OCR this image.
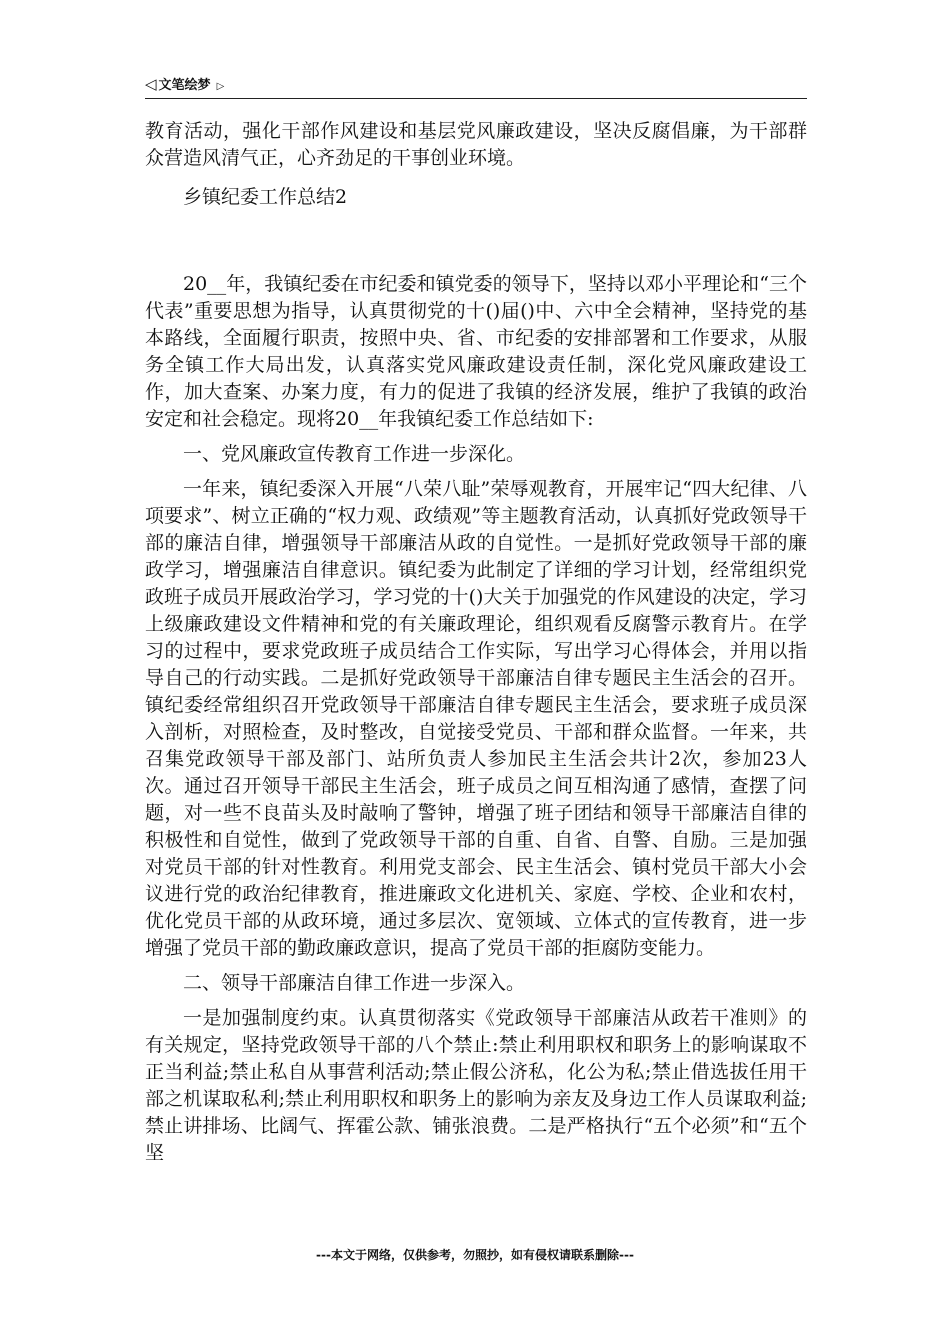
◁ 文笔绘梦 ▷

教育活动，强化干部作风建设和基层党风廉政建设，坚决反腐倡廉，为干部群众营造风清气正，心齐劲足的干事创业环境。

乡镇纪委工作总结2

20__年，我镇纪委在市纪委和镇党委的领导下，坚持以邓小平理论和“三个代表”重要思想为指导，认真贯彻党的十()届()中、六中全会精神，坚持党的基本路线，全面履行职责，按照中央、省、市纪委的安排部署和工作要求，从服务全镇工作大局出发，认真落实党风廉政建设责任制，深化党风廉政建设工作，加大查案、办案力度，有力的促进了我镇的经济发展，维护了我镇的政治安定和社会稳定。现将20__年我镇纪委工作总结如下:

一、党风廉政宣传教育工作进一步深化。

一年来，镇纪委深入开展“八荣八耻”荣辱观教育，开展牢记“四大纪律、八项要求”、树立正确的“权力观、政绩观”等主题教育活动，认真抓好党政领导干部的廉洁自律，增强领导干部廉洁从政的自觉性。一是抓好党政领导干部的廉政学习，增强廉洁自律意识。镇纪委为此制定了详细的学习计划，经常组织党政班子成员开展政治学习，学习党的十()大关于加强党的作风建设的决定，学习上级廉政建设文件精神和党的有关廉政理论，组织观看反腐警示教育片。在学习的过程中，要求党政班子成员结合工作实际，写出学习心得体会，并用以指导自己的行动实践。二是抓好党政领导干部廉洁自律专题民主生活会的召开。镇纪委经常组织召开党政领导干部廉洁自律专题民主生活会，要求班子成员深入剖析，对照检查，及时整改，自觉接受党员、干部和群众监督。一年来，共召集党政领导干部及部门、站所负责人参加民主生活会共计2次，参加23人次。通过召开领导干部民主生活会，班子成员之间互相沟通了感情，查摆了问题，对一些不良苗头及时敲响了警钟，增强了班子团结和领导干部廉洁自律的积极性和自觉性，做到了党政领导干部的自重、自省、自警、自励。三是加强对党员干部的针对性教育。利用党支部会、民主生活会、镇村党员干部大小会议进行党的政治纪律教育，推进廉政文化进机关、家庭、学校、企业和农村，优化党员干部的从政环境，通过多层次、宽领域、立体式的宣传教育，进一步增强了党员干部的勤政廉政意识，提高了党员干部的拒腐防变能力。

二、领导干部廉洁自律工作进一步深入。

一是加强制度约束。认真贯彻落实《党政领导干部廉洁从政若干准则》的有关规定，坚持党政领导干部的八个禁止:禁止利用职权和职务上的影响谋取不正当利益;禁止私自从事营利活动;禁止假公济私，化公为私;禁止借选拔任用干部之机谋取私利;禁止利用职权和职务上的影响为亲友及身边工作人员谋取利益;禁止讲排场、比阔气、挥霍公款、铺张浪费。二是严格执行“五个必须”和“五个坚

---本文于网络，仅供参考，勿照抄，如有侵权请联系删除---
